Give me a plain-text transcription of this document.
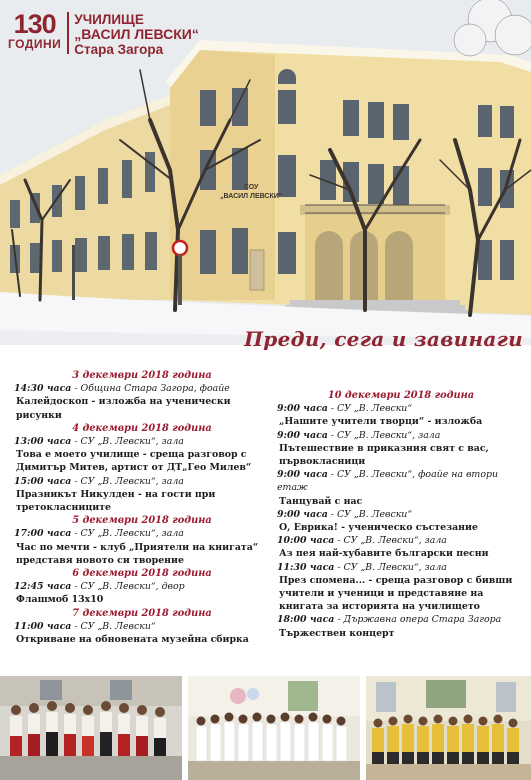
СОУ
„ВАСИЛ ЛЕВСКИ“
130
ГОДИНИ
УЧИЛИЩЕ
„ВАСИЛ ЛЕВСКИ“
Стара Загора
Преди, сега и завинаги
3 декември 2018 година
14:30 часа - Община Стара Загора, фоайе
Калейдоскоп - изложба на ученически рисунки
4 декември 2018 година
13:00 часа - СУ „В. Левски“, зала
Това е моето училище - среща разговор с Димитър Митев, артист от ДТ„Гео Милев“
15:00 часа - СУ „В. Левски“, зала
Празникът Никулден - на гости при третокласниците
5 декември 2018 година
17:00 часа - СУ „В. Левски“, зала
Час по мечти - клуб „Приятели на книгата“ представя новото си творение
6 декември 2018 година
12:45 часа - СУ „В. Левски“, двор
Флашмоб 13х10
7 декември 2018 година
11:00 часа - СУ „В. Левски“
Откриване на обновената музейна сбирка
10 декември 2018 година
9:00 часа - СУ „В. Левски“
„Нашите учители творци“ - изложба
9:00 часа - СУ „В. Левски“, зала
Пътешествие в приказния свят с вас, първокласници
9:00 часа - СУ „В. Левски“, фоайе на втори етаж
Танцувай с нас
9:00 часа - СУ „В. Левски“
О, Еврика! - ученическо състезание
10:00 часа - СУ „В. Левски“, зала
Аз пея най-хубавите български песни
11:30 часа - СУ „В. Левски“, зала
През спомена... - среща разговор с бивши учители и ученици и представяне на книгата за историята на училището
18:00 часа - Държавна опера Стара Загора
Тържествен концерт
